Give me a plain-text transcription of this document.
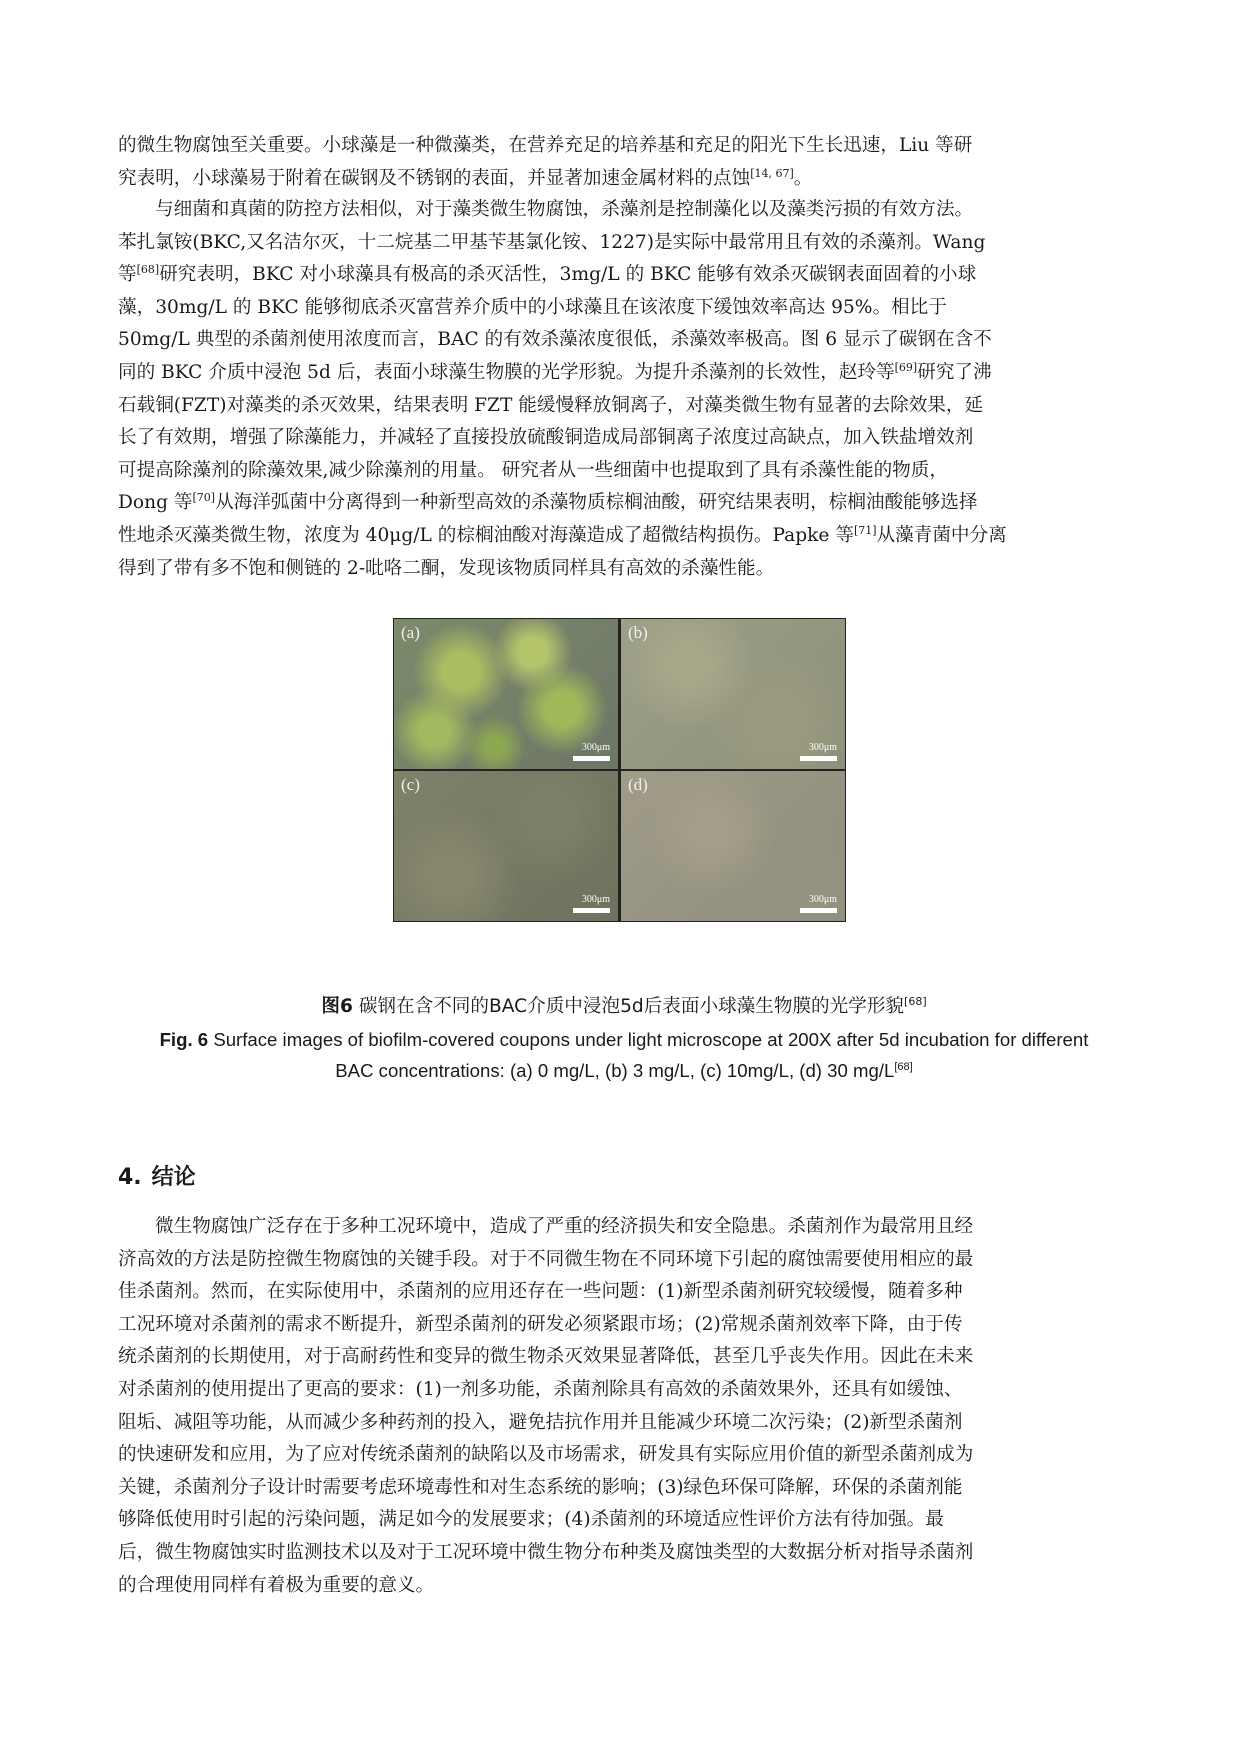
的微生物腐蚀至关重要。小球藻是一种微藻类，在营养充足的培养基和充足的阳光下生长迅速，Liu 等研
究表明，小球藻易于附着在碳钢及不锈钢的表面，并显著加速金属材料的点蚀[14, 67]。

与细菌和真菌的防控方法相似，对于藻类微生物腐蚀，杀藻剂是控制藻化以及藻类污损的有效方法。
苯扎氯铵(BKC,又名洁尔灭，十二烷基二甲基苄基氯化铵、1227)是实际中最常用且有效的杀藻剂。Wang
等[68]研究表明，BKC 对小球藻具有极高的杀灭活性，3mg/L 的 BKC 能够有效杀灭碳钢表面固着的小球
藻，30mg/L 的 BKC 能够彻底杀灭富营养介质中的小球藻且在该浓度下缓蚀效率高达 95%。相比于
50mg/L 典型的杀菌剂使用浓度而言，BAC 的有效杀藻浓度很低，杀藻效率极高。图 6 显示了碳钢在含不
同的 BKC 介质中浸泡 5d 后，表面小球藻生物膜的光学形貌。为提升杀藻剂的长效性，赵玲等[69]研究了沸
石载铜(FZT)对藻类的杀灭效果，结果表明 FZT 能缓慢释放铜离子，对藻类微生物有显著的去除效果，延
长了有效期，增强了除藻能力，并减轻了直接投放硫酸铜造成局部铜离子浓度过高缺点，加入铁盐增效剂
可提高除藻剂的除藻效果,减少除藻剂的用量。 研究者从一些细菌中也提取到了具有杀藻性能的物质，
Dong 等[70]从海洋弧菌中分离得到一种新型高效的杀藻物质棕榈油酸，研究结果表明，棕榈油酸能够选择
性地杀灭藻类微生物，浓度为 40μg/L 的棕榈油酸对海藻造成了超微结构损伤。Papke 等[71]从藻青菌中分离
得到了带有多不饱和侧链的 2-吡咯二酮，发现该物质同样具有高效的杀藻性能。

(a)
300μm
(b)
300μm
(c)
300μm
(d)
300μm
图6 碳钢在含不同的BAC介质中浸泡5d后表面小球藻生物膜的光学形貌[68]
Fig. 6 Surface images of biofilm-covered coupons under light microscope at 200X after 5d incubation for different
BAC concentrations: (a) 0 mg/L, (b) 3 mg/L, (c) 10mg/L, (d) 30 mg/L[68]
4. 结论

微生物腐蚀广泛存在于多种工况环境中，造成了严重的经济损失和安全隐患。杀菌剂作为最常用且经
济高效的方法是防控微生物腐蚀的关键手段。对于不同微生物在不同环境下引起的腐蚀需要使用相应的最
佳杀菌剂。然而，在实际使用中，杀菌剂的应用还存在一些问题：(1)新型杀菌剂研究较缓慢，随着多种
工况环境对杀菌剂的需求不断提升，新型杀菌剂的研发必须紧跟市场；(2)常规杀菌剂效率下降，由于传
统杀菌剂的长期使用，对于高耐药性和变异的微生物杀灭效果显著降低，甚至几乎丧失作用。因此在未来
对杀菌剂的使用提出了更高的要求：(1)一剂多功能，杀菌剂除具有高效的杀菌效果外，还具有如缓蚀、
阻垢、减阻等功能，从而减少多种药剂的投入，避免拮抗作用并且能减少环境二次污染；(2)新型杀菌剂
的快速研发和应用，为了应对传统杀菌剂的缺陷以及市场需求，研发具有实际应用价值的新型杀菌剂成为
关键，杀菌剂分子设计时需要考虑环境毒性和对生态系统的影响；(3)绿色环保可降解，环保的杀菌剂能
够降低使用时引起的污染问题，满足如今的发展要求；(4)杀菌剂的环境适应性评价方法有待加强。最
后，微生物腐蚀实时监测技术以及对于工况环境中微生物分布种类及腐蚀类型的大数据分析对指导杀菌剂
的合理使用同样有着极为重要的意义。
